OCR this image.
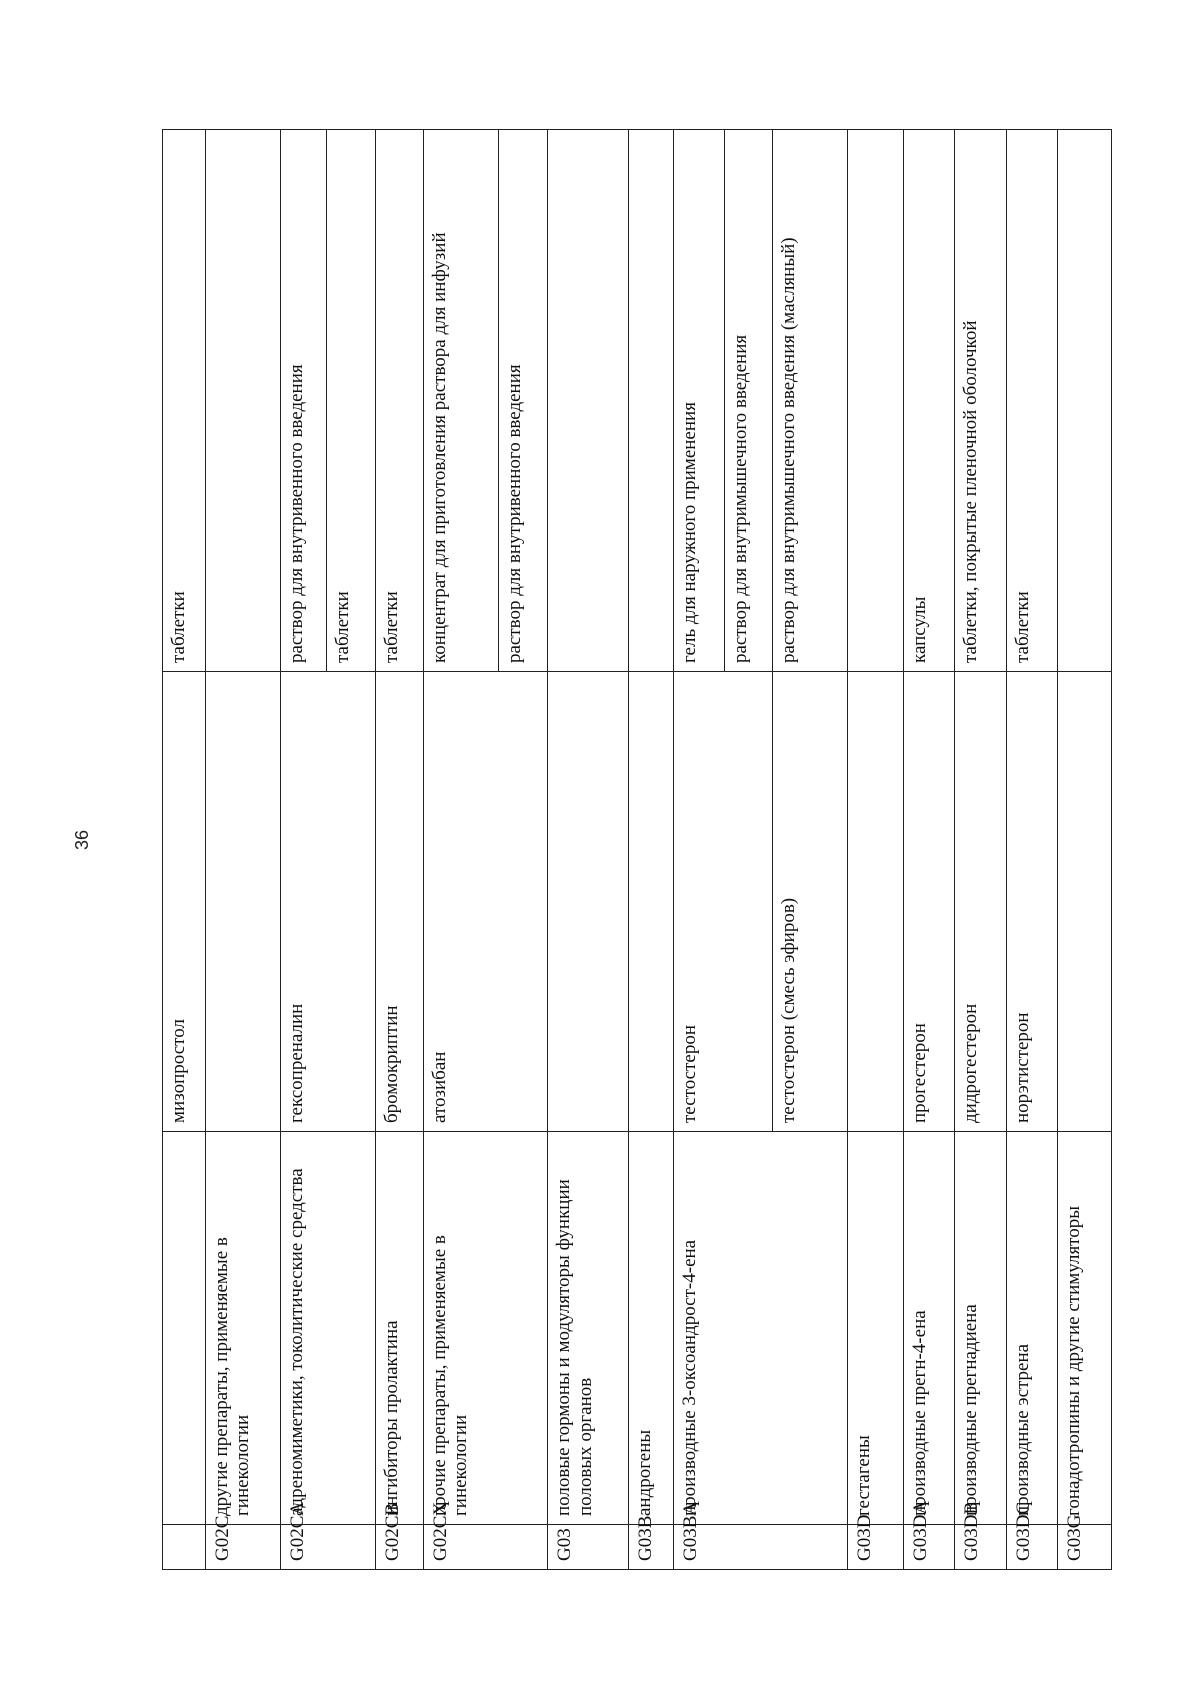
36
		мизопростол	таблетки
G02C	другие препараты, применяемые в гинекологии		
G02CA	адреномиметики, токолитические средства	гексопреналин	раствор для внутривенного введения
			таблетки
G02CB	ингибиторы пролактина	бромокриптин	таблетки
G02CX	прочие препараты, применяемые в гинекологии	атозибан	концентрат для приготовления раствора для инфузий
			раствор для внутривенного введения
G03	половые гормоны и модуляторы функции половых органов		
G03B	андрогены		
G03BA	производные 3-оксоандрост-4-ена	тестостерон	гель для наружного применения
			раствор для внутримышечного введения
		тестостерон (смесь эфиров)	раствор для внутримышечного введения (масляный)
G03D	гестагены		
G03DA	производные прегн-4-ена	прогестерон	капсулы
G03DB	производные прегнадиена	дидрогестерон	таблетки, покрытые пленочной оболочкой
G03DC	производные эстрена	норэтистерон	таблетки
G03G	гонадотропины и другие стимуляторы		
